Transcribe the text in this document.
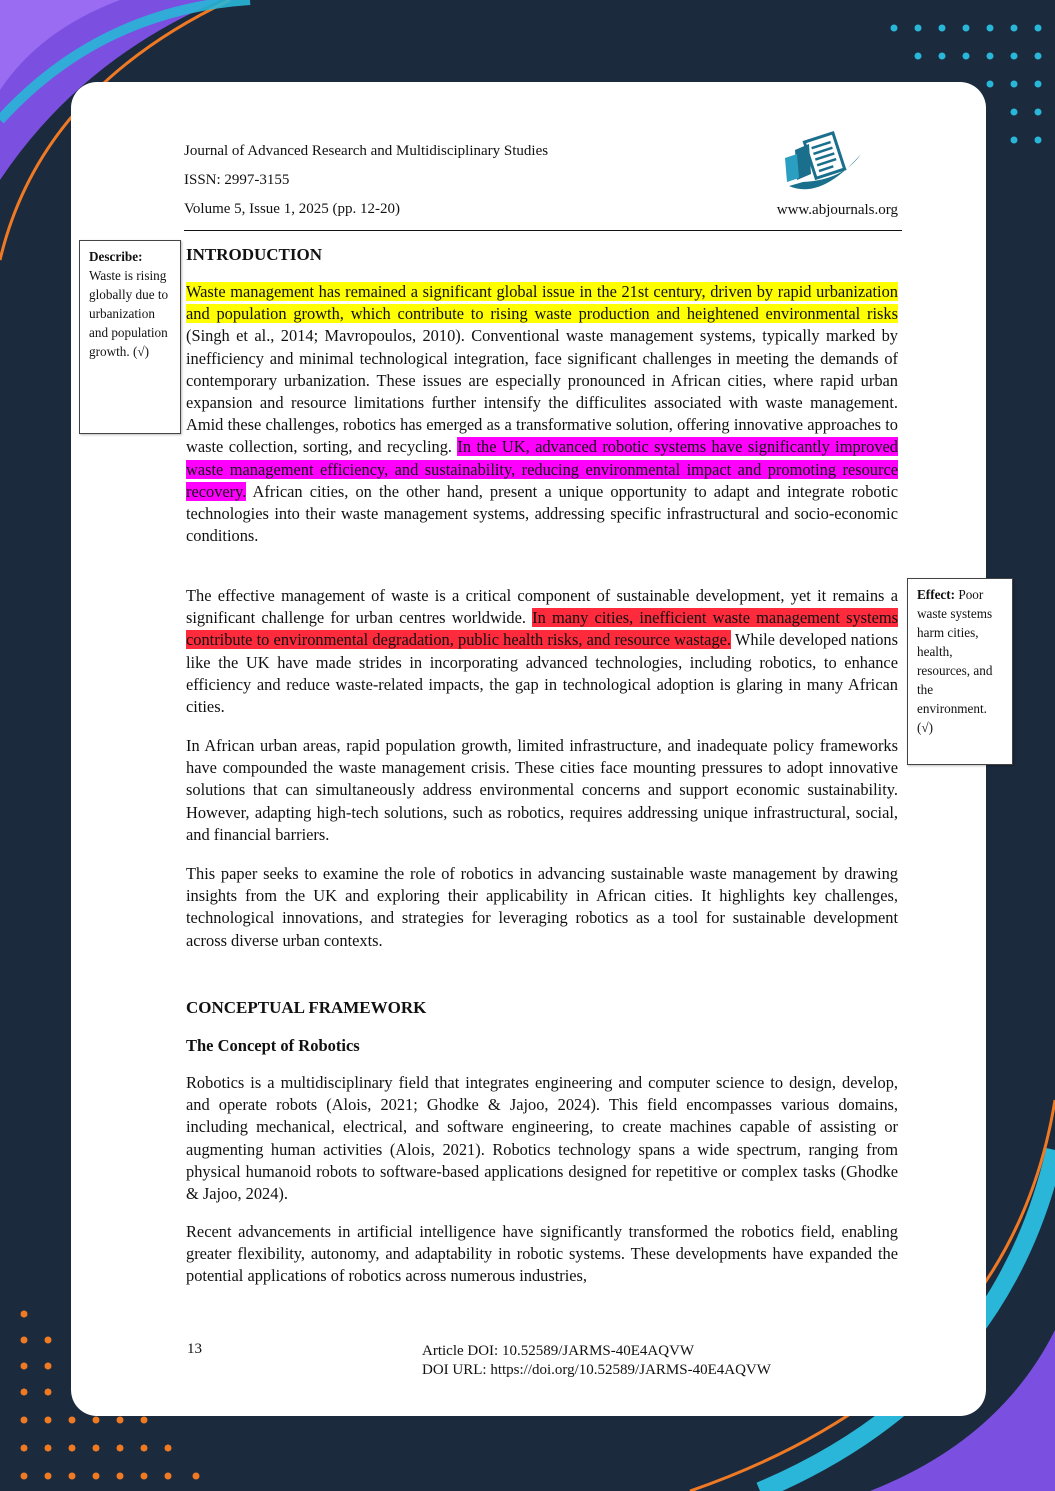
Journal of Advanced Research and Multidisciplinary Studies
ISSN: 2997-3155
Volume 5, Issue 1, 2025 (pp. 12-20)	www.abjournals.org
Describe:
Waste is rising globally due to urbanization and population growth. (√)
Effect: Poor waste systems harm cities, health, resources, and the environment. (√)
INTRODUCTION
Waste management has remained a significant global issue in the 21st century, driven by rapid urbanization and population growth, which contribute to rising waste production and heightened environmental risks (Singh et al., 2014; Mavropoulos, 2010). Conventional waste management systems, typically marked by inefficiency and minimal technological integration, face significant challenges in meeting the demands of contemporary urbanization. These issues are especially pronounced in African cities, where rapid urban expansion and resource limitations further intensify the difficulites associated with waste management. Amid these challenges, robotics has emerged as a transformative solution, offering innovative approaches to waste collection, sorting, and recycling. In the UK, advanced robotic systems have significantly improved waste management efficiency, and sustainability, reducing environmental impact and promoting resource recovery. African cities, on the other hand, present a unique opportunity to adapt and integrate robotic technologies into their waste management systems, addressing specific infrastructural and socio-economic conditions.
The effective management of waste is a critical component of sustainable development, yet it remains a significant challenge for urban centres worldwide. In many cities, inefficient waste management systems contribute to environmental degradation, public health risks, and resource wastage. While developed nations like the UK have made strides in incorporating advanced technologies, including robotics, to enhance efficiency and reduce waste-related impacts, the gap in technological adoption is glaring in many African cities.
In African urban areas, rapid population growth, limited infrastructure, and inadequate policy frameworks have compounded the waste management crisis. These cities face mounting pressures to adopt innovative solutions that can simultaneously address environmental concerns and support economic sustainability. However, adapting high-tech solutions, such as robotics, requires addressing unique infrastructural, social, and financial barriers.
This paper seeks to examine the role of robotics in advancing sustainable waste management by drawing insights from the UK and exploring their applicability in African cities. It highlights key challenges, technological innovations, and strategies for leveraging robotics as a tool for sustainable development across diverse urban contexts.
CONCEPTUAL FRAMEWORK
The Concept of Robotics
Robotics is a multidisciplinary field that integrates engineering and computer science to design, develop, and operate robots (Alois, 2021; Ghodke & Jajoo, 2024). This field encompasses various domains, including mechanical, electrical, and software engineering, to create machines capable of assisting or augmenting human activities (Alois, 2021). Robotics technology spans a wide spectrum, ranging from physical humanoid robots to software-based applications designed for repetitive or complex tasks (Ghodke & Jajoo, 2024).
Recent advancements in artificial intelligence have significantly transformed the robotics field, enabling greater flexibility, autonomy, and adaptability in robotic systems. These developments have expanded the potential applications of robotics across numerous industries,
13	Article DOI: 10.52589/JARMS-40E4AQVW
DOI URL: https://doi.org/10.52589/JARMS-40E4AQVW
